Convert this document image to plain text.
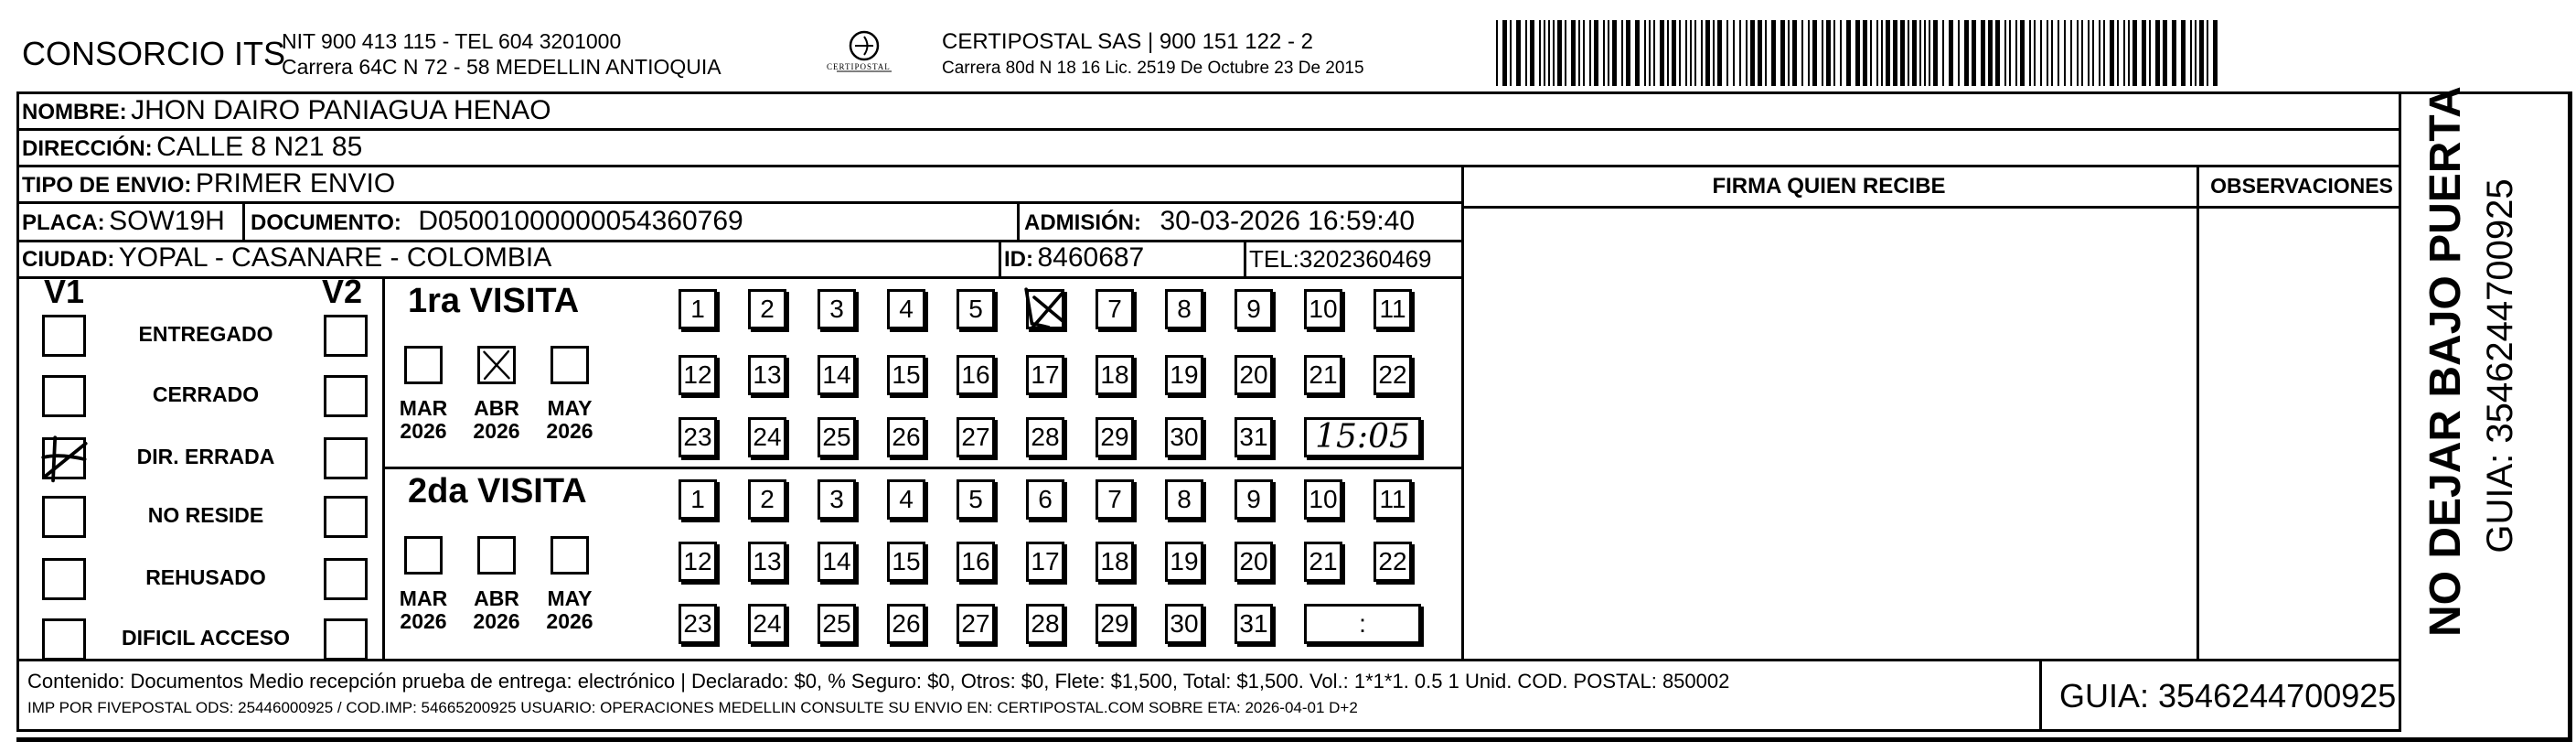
CONSORCIO ITS
NIT 900 413 115 - TEL 604 3201000
Carrera 64C N 72 - 58 MEDELLIN ANTIOQUIA	CERTIPOSTAL
CERTIPOSTAL SAS | 900 151 122 - 2
Carrera 80d N 18 16 Lic. 2519 De Octubre 23 De 2015
NOMBRE: JHON DAIRO PANIAGUA HENAO
DIRECCIÓN: CALLE 8 N21 85
TIPO DE ENVIO: PRIMER ENVIO
PLACA: SOW19H DOCUMENTO: D05001000000054360769	ADMISIÓN: 30-03-2026 16:59:40
CIUDAD: YOPAL - CASANARE - COLOMBIA	ID: 8460687	TEL:3202360469
FIRMA QUIEN RECIBE	OBSERVACIONES
V1	V2 1ra VISITA
2da VISITA	NO DEJAR BAJO PUERTA GUIA: 3546244700925
Contenido: Documentos Medio recepción prueba de entrega: electrónico | Declarado: $0, % Seguro: $0, Otros: $0, Flete: $1,500, Total: $1,500. Vol.: 1*1*1. 0.5 1 Unid. COD. POSTAL: 850002
IMP POR FIVEPOSTAL ODS: 25446000925 / COD.IMP: 54665200925 USUARIO: OPERACIONES MEDELLIN CONSULTE SU ENVIO EN: CERTIPOSTAL.COM SOBRE ETA: 2026-04-01 D+2	GUIA: 3546244700925
ENTREGADO
CERRADO
DIR. ERRADA
NO RESIDE
REHUSADO
DIFICIL ACCESO
MAR
2026
ABR
2026
MAY
2026
MAR
2026
ABR
2026
MAY
2026
1	2	3	4	5	6	7	8	9	10 11
12 13 14 15 16 17 18 19 20 21 22
23 24 25 26 27 28 29 30 31	15:05
1	2	3	4	5	6	7	8	9	10 11
12 13 14 15 16 17 18 19 20 21 22
23 24 25 26 27 28 29 30 31	:
